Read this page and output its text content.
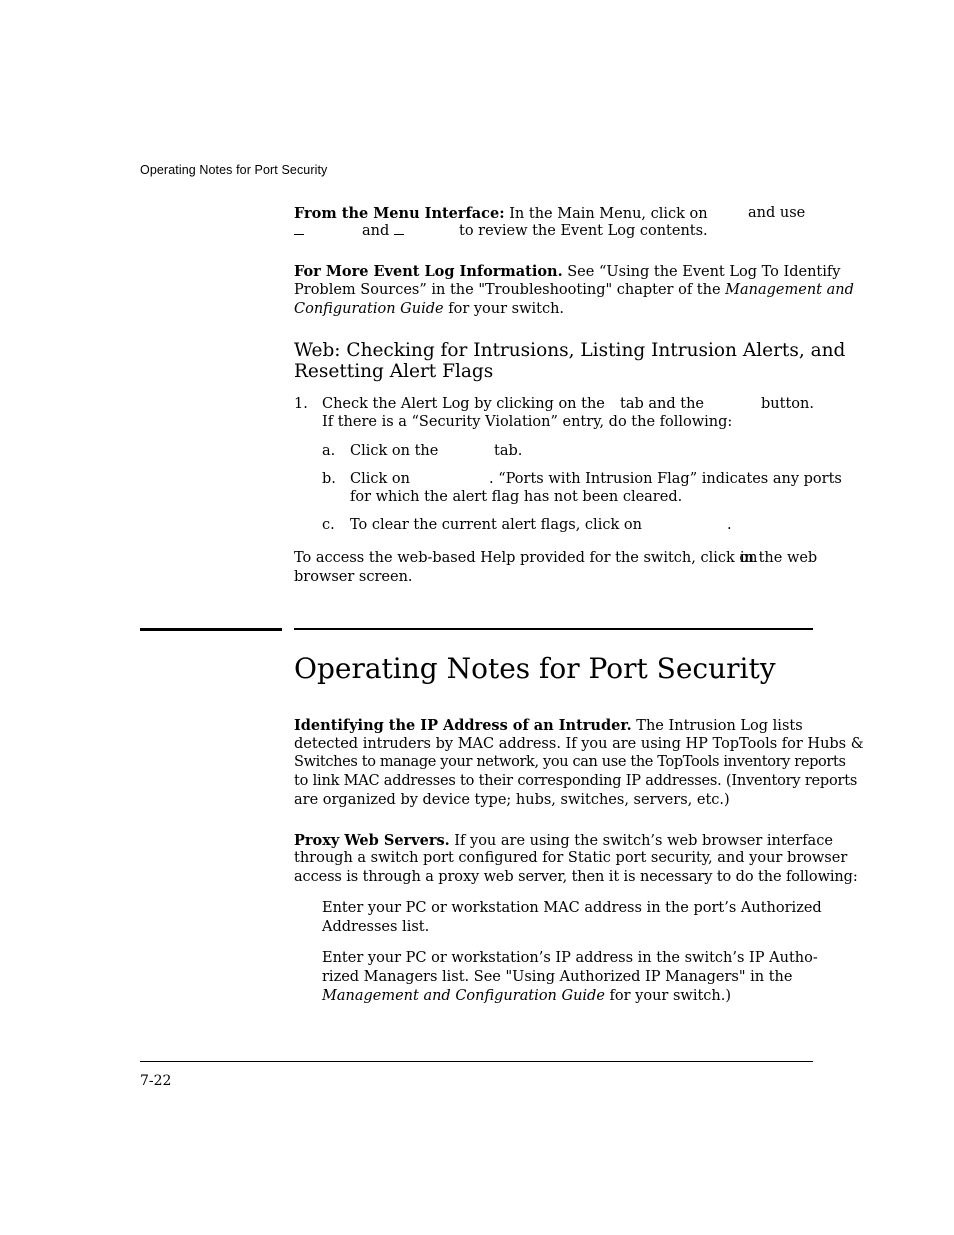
Operating Notes for Port Security
From the Menu Interface: In the Main Menu, click on	and use
and	to review the Event Log contents.
For More Event Log Information. See “Using the Event Log To Identify
Problem Sources” in the "Troubleshooting" chapter of the Management and
Configuration Guide for your switch.
Web: Checking for Intrusions, Listing Intrusion Alerts, and
Resetting Alert Flags
1. Check the Alert Log by clicking on the tab and the	button.
If there is a “Security Violation” entry, do the following:
a. Click on the	tab.
b. Click on	. “Ports with Intrusion Flag” indicates any ports
for which the alert flag has not been cleared.
c. To clear the current alert flags, click on	.
To access the web-based Help provided for the switch, click on
in the web
browser screen.
Operating Notes for Port Security
Identifying the IP Address of an Intruder. The Intrusion Log lists
detected intruders by MAC address. If you are using HP TopTools for Hubs &
Switches to manage your network, you can use the TopTools inventory reports
to link MAC addresses to their corresponding IP addresses. (Inventory reports
are organized by device type; hubs, switches, servers, etc.)
Proxy Web Servers. If you are using the switch’s web browser interface
through a switch port configured for Static port security, and your browser
access is through a proxy web server, then it is necessary to do the following:
Enter your PC or workstation MAC address in the port’s Authorized
Addresses list.
Enter your PC or workstation’s IP address in the switch’s IP Autho-
rized Managers list. See "Using Authorized IP Managers" in the
Management and Configuration Guide for your switch.)
7-22
